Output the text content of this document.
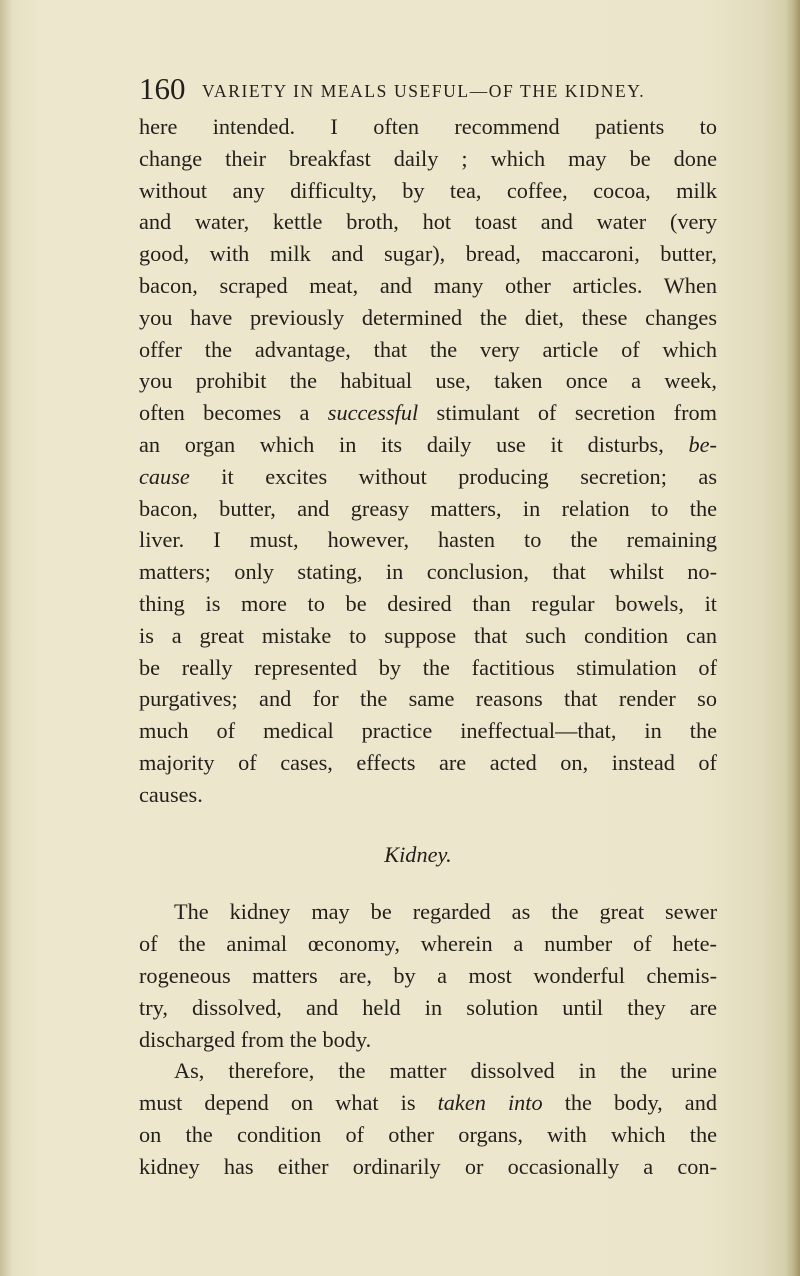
160 VARIETY IN MEALS USEFUL—OF THE KIDNEY.
here intended. I often recommend patients to
change their breakfast daily ; which may be done
without any difficulty, by tea, coffee, cocoa, milk
and water, kettle broth, hot toast and water (very
good, with milk and sugar), bread, maccaroni, butter,
bacon, scraped meat, and many other articles. When
you have previously determined the diet, these changes
offer the advantage, that the very article of which
you prohibit the habitual use, taken once a week,
often becomes a successful stimulant of secretion from
an organ which in its daily use it disturbs, be-
cause it excites without producing secretion; as
bacon, butter, and greasy matters, in relation to the
liver. I must, however, hasten to the remaining
matters; only stating, in conclusion, that whilst no-
thing is more to be desired than regular bowels, it
is a great mistake to suppose that such condition can
be really represented by the factitious stimulation of
purgatives; and for the same reasons that render so
much of medical practice ineffectual—that, in the
majority of cases, effects are acted on, instead of
causes.
Kidney.
The kidney may be regarded as the great sewer
of the animal œconomy, wherein a number of hete-
rogeneous matters are, by a most wonderful chemis-
try, dissolved, and held in solution until they are
discharged from the body.
As, therefore, the matter dissolved in the urine
must depend on what is taken into the body, and
on the condition of other organs, with which the
kidney has either ordinarily or occasionally a con-
